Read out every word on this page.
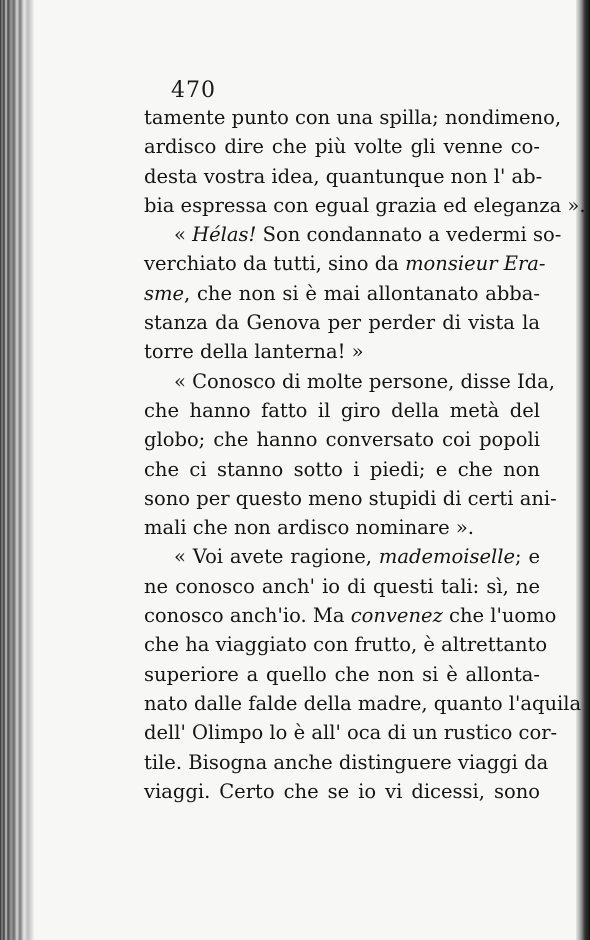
470
tamente punto con una spilla; nondimeno,
ardisco dire che più volte gli venne co-
desta vostra idea, quantunque non l' ab-
bia espressa con egual grazia ed eleganza ».
« Hélas! Son condannato a vedermi so-
verchiato da tutti, sino da monsieur Era-
sme, che non si è mai allontanato abba-
stanza da Genova per perder di vista la
torre della lanterna! »
« Conosco di molte persone, disse Ida,
che hanno fatto il giro della metà del
globo; che hanno conversato coi popoli
che ci stanno sotto i piedi; e che non
sono per questo meno stupidi di certi ani-
mali che non ardisco nominare ».
« Voi avete ragione, mademoiselle; e
ne conosco anch' io di questi tali: sì, ne
conosco anch'io. Ma convenez che l'uomo
che ha viaggiato con frutto, è altrettanto
superiore a quello che non si è allonta-
nato dalle falde della madre, quanto l'aquila
dell' Olimpo lo è all' oca di un rustico cor-
tile. Bisogna anche distinguere viaggi da
viaggi. Certo che se io vi dicessi, sono
